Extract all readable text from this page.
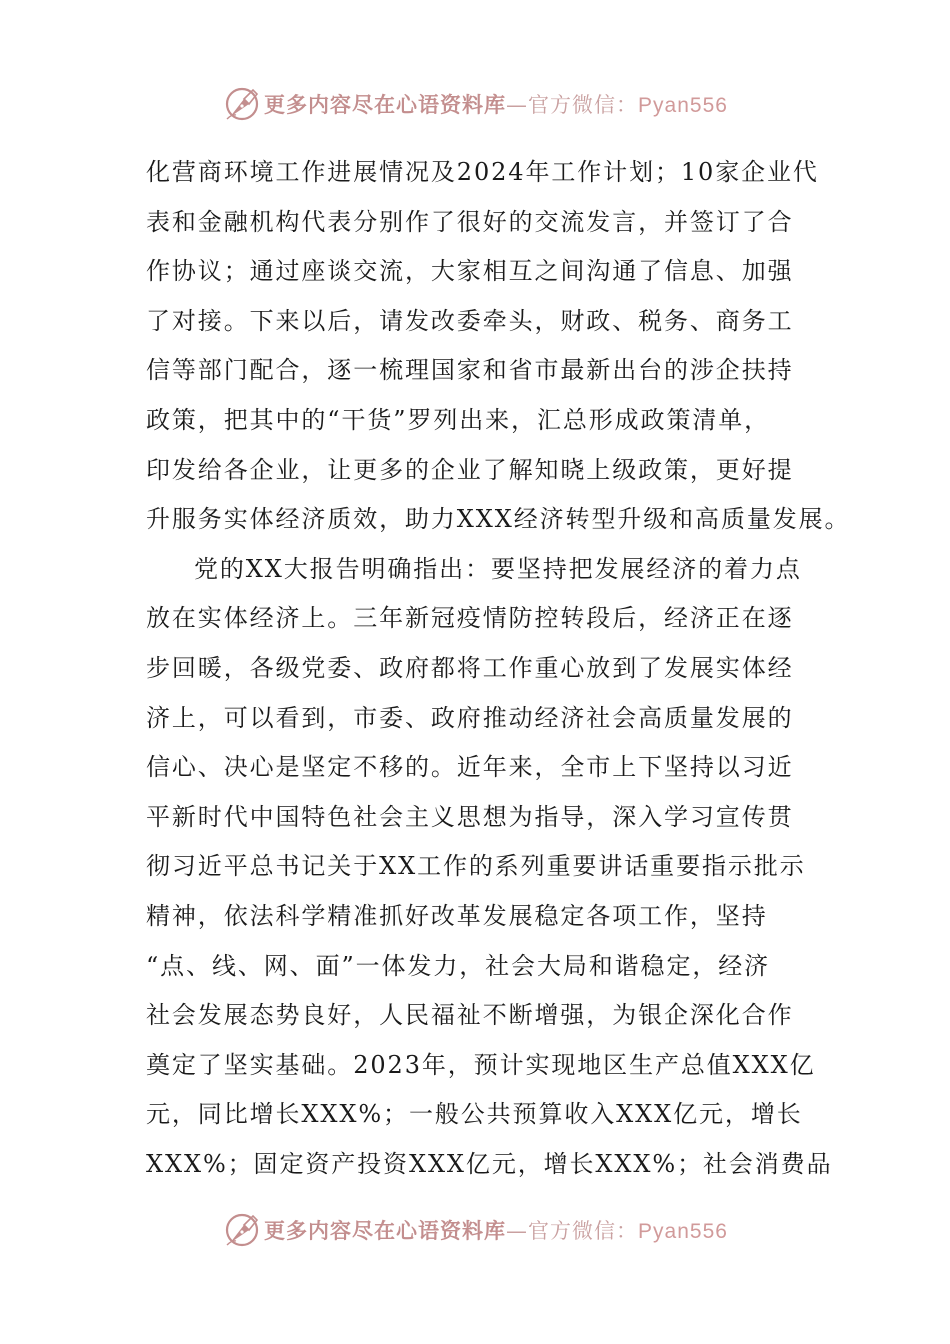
更多内容尽在心语资料库—官方微信：Pyan556
化营商环境工作进展情况及2024年工作计划；10家企业代
表和金融机构代表分别作了很好的交流发言，并签订了合
作协议；通过座谈交流，大家相互之间沟通了信息、加强
了对接。下来以后，请发改委牵头，财政、税务、商务工
信等部门配合，逐一梳理国家和省市最新出台的涉企扶持
政策，把其中的“干货”罗列出来，汇总形成政策清单，
印发给各企业，让更多的企业了解知晓上级政策，更好提
升服务实体经济质效，助力XXX经济转型升级和高质量发展。
党的XX大报告明确指出：要坚持把发展经济的着力点
放在实体经济上。三年新冠疫情防控转段后，经济正在逐
步回暖，各级党委、政府都将工作重心放到了发展实体经
济上，可以看到，市委、政府推动经济社会高质量发展的
信心、决心是坚定不移的。近年来，全市上下坚持以习近
平新时代中国特色社会主义思想为指导，深入学习宣传贯
彻习近平总书记关于XX工作的系列重要讲话重要指示批示
精神，依法科学精准抓好改革发展稳定各项工作，坚持
“点、线、网、面”一体发力，社会大局和谐稳定，经济
社会发展态势良好，人民福祉不断增强，为银企深化合作
奠定了坚实基础。2023年，预计实现地区生产总值XXX亿
元，同比增长XXX%；一般公共预算收入XXX亿元，增长
XXX%；固定资产投资XXX亿元，增长XXX%；社会消费品
更多内容尽在心语资料库—官方微信：Pyan556
